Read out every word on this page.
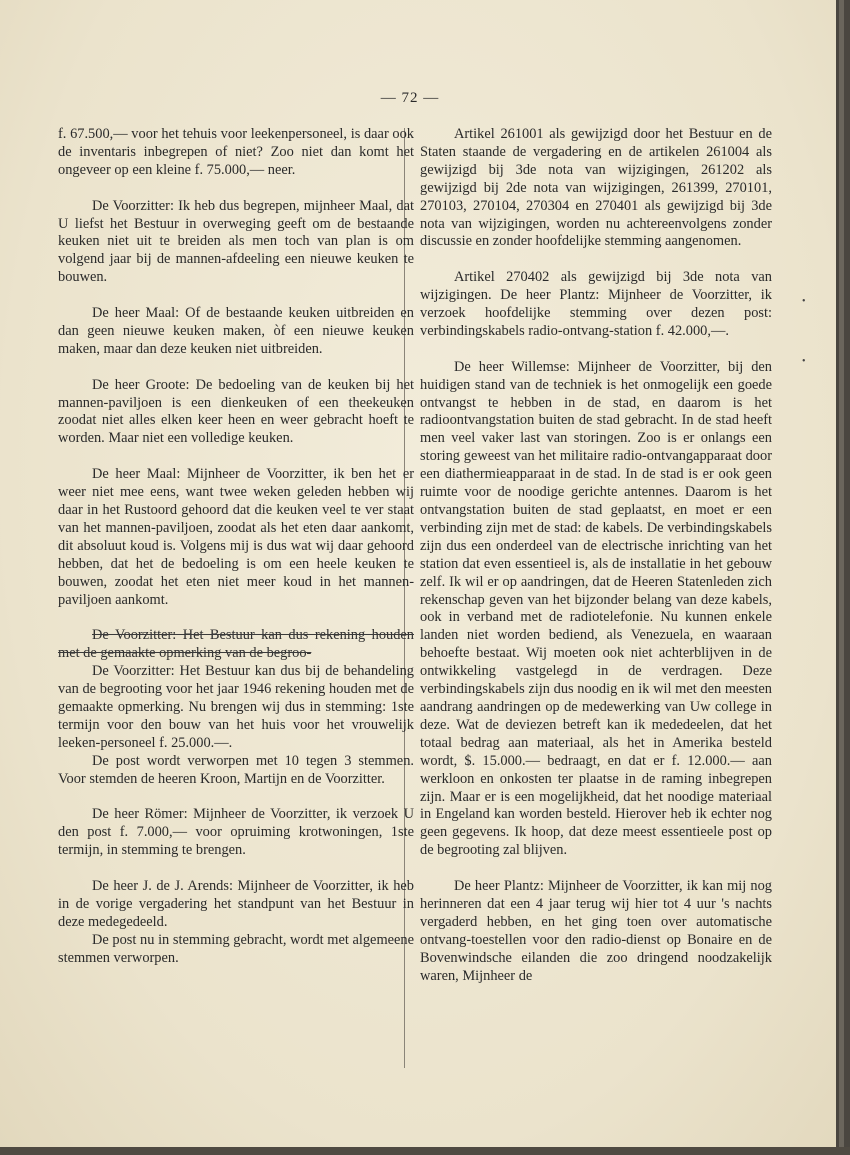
— 72 —

f. 67.500,— voor het tehuis voor leekenpersoneel, is daar ook de inventaris inbegrepen of niet? Zoo niet dan komt het ongeveer op een kleine f. 75.000,— neer.

De Voorzitter: Ik heb dus begrepen, mijnheer Maal, dat U liefst het Bestuur in overweging geeft om de bestaande keuken niet uit te breiden als men toch van plan is om volgend jaar bij de mannen-afdeeling een nieuwe keuken te bouwen.

De heer Maal: Of de bestaande keuken uitbreiden en dan geen nieuwe keuken maken, òf een nieuwe keuken maken, maar dan deze keuken niet uitbreiden.

De heer Groote: De bedoeling van de keuken bij het mannen-paviljoen is een dienkeuken of een theekeuken zoodat niet alles elken keer heen en weer gebracht hoeft te worden. Maar niet een volledige keuken.

De heer Maal: Mijnheer de Voorzitter, ik ben het er weer niet mee eens, want twee weken geleden hebben wij daar in het Rustoord gehoord dat die keuken veel te ver staat van het mannen-paviljoen, zoodat als het eten daar aankomt, dit absoluut koud is. Volgens mij is dus wat wij daar gehoord hebben, dat het de bedoeling is om een heele keuken te bouwen, zoodat het eten niet meer koud in het mannen-paviljoen aankomt.

De Voorzitter: Het Bestuur kan dus rekening houden met de gemaakte opmerking van de begroo-

De Voorzitter: Het Bestuur kan dus bij de behandeling van de begrooting voor het jaar 1946 rekening houden met de gemaakte opmerking. Nu brengen wij dus in stemming: 1ste termijn voor den bouw van het huis voor het vrouwelijk leeken-personeel f. 25.000.—.

De post wordt verworpen met 10 tegen 3 stemmen. Voor stemden de heeren Kroon, Martijn en de Voorzitter.

De heer Römer: Mijnheer de Voorzitter, ik verzoek U den post f. 7.000,— voor opruiming krotwoningen, 1ste termijn, in stemming te brengen.

De heer J. de J. Arends: Mijnheer de Voorzitter, ik heb in de vorige vergadering het standpunt van het Bestuur in deze medegedeeld.

De post nu in stemming gebracht, wordt met algemeene stemmen verworpen.

Artikel 261001 als gewijzigd door het Bestuur en de Staten staande de vergadering en de artikelen 261004 als gewijzigd bij 3de nota van wijzigingen, 261202 als gewijzigd bij 2de nota van wijzigingen, 261399, 270101, 270103, 270104, 270304 en 270401 als gewijzigd bij 3de nota van wijzigingen, worden nu achtereenvolgens zonder discussie en zonder hoofdelijke stemming aangenomen.

Artikel 270402 als gewijzigd bij 3de nota van wijzigingen. De heer Plantz: Mijnheer de Voorzitter, ik verzoek hoofdelijke stemming over dezen post: verbindingskabels radio-ontvang-station f. 42.000,—.

De heer Willemse: Mijnheer de Voorzitter, bij den huidigen stand van de techniek is het onmogelijk een goede ontvangst te hebben in de stad, en daarom is het radioontvangstation buiten de stad gebracht. In de stad heeft men veel vaker last van storingen. Zoo is er onlangs een storing geweest van het militaire radio-ontvangapparaat door een diathermieapparaat in de stad. In de stad is er ook geen ruimte voor de noodige gerichte antennes. Daarom is het ontvangstation buiten de stad geplaatst, en moet er een verbinding zijn met de stad: de kabels. De verbindingskabels zijn dus een onderdeel van de electrische inrichting van het station dat even essentieel is, als de installatie in het gebouw zelf. Ik wil er op aandringen, dat de Heeren Statenleden zich rekenschap geven van het bijzonder belang van deze kabels, ook in verband met de radiotelefonie. Nu kunnen enkele landen niet worden bediend, als Venezuela, en waaraan behoefte bestaat. Wij moeten ook niet achterblijven in de ontwikkeling vastgelegd in de verdragen. Deze verbindingskabels zijn dus noodig en ik wil met den meesten aandrang aandringen op de medewerking van Uw college in deze. Wat de deviezen betreft kan ik mededeelen, dat het totaal bedrag aan materiaal, als het in Amerika besteld wordt, $. 15.000.— bedraagt, en dat er f. 12.000.— aan werkloon en onkosten ter plaatse in de raming inbegrepen zijn. Maar er is een mogelijkheid, dat het noodige materiaal in Engeland kan worden besteld. Hierover heb ik echter nog geen gegevens. Ik hoop, dat deze meest essentieele post op de begrooting zal blijven.

De heer Plantz: Mijnheer de Voorzitter, ik kan mij nog herinneren dat een 4 jaar terug wij hier tot 4 uur 's nachts vergaderd hebben, en het ging toen over automatische ontvang-toestellen voor den radio-dienst op Bonaire en de Bovenwindsche eilanden die zoo dringend noodzakelijk waren, Mijnheer de

•
•
